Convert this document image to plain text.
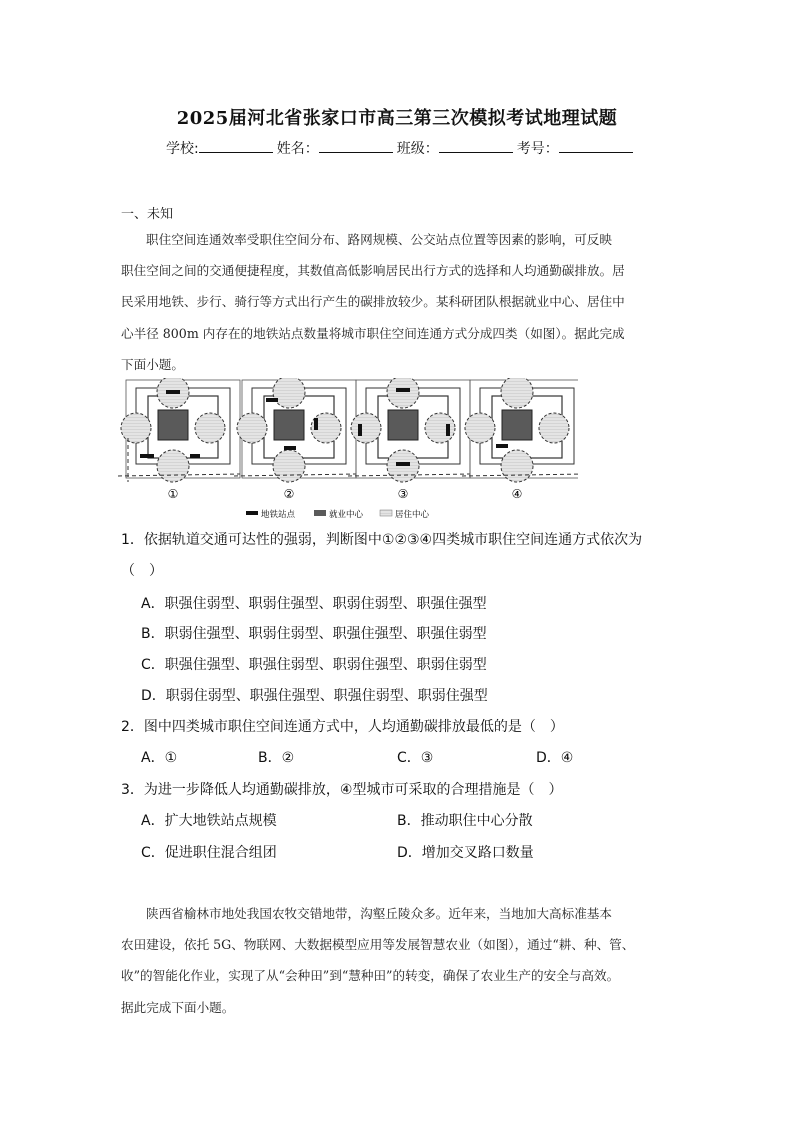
2025届河北省张家口市高三第三次模拟考试地理试题
学校:	姓名：	班级：	考号：
一、未知

职住空间连通效率受职住空间分布、路网规模、公交站点位置等因素的影响，可反映

职住空间之间的交通便捷程度，其数值高低影响居民出行方式的选择和人均通勤碳排放。居

民采用地铁、步行、骑行等方式出行产生的碳排放较少。某科研团队根据就业中心、居住中

心半径 800m 内存在的地铁站点数量将城市职住空间连通方式分成四类（如图）。据此完成

下面小题。

①	②	③	④
地铁站点	就业中心	居住中心
1．依据轨道交通可达性的强弱，判断图中①②③④四类城市职住空间连通方式依次为
（　）
A．职强住弱型、职弱住强型、职弱住弱型、职强住强型
B．职弱住强型、职弱住弱型、职强住强型、职强住弱型
C．职强住强型、职强住弱型、职弱住强型、职弱住弱型
D．职弱住弱型、职强住强型、职强住弱型、职弱住强型
2．图中四类城市职住空间连通方式中，人均通勤碳排放最低的是（　）
A．①	B．②	C．③	D．④
3．为进一步降低人均通勤碳排放，④型城市可采取的合理措施是（　）
A．扩大地铁站点规模	B．推动职住中心分散
C．促进职住混合组团	D．增加交叉路口数量

陕西省榆林市地处我国农牧交错地带，沟壑丘陵众多。近年来，当地加大高标准基本

农田建设，依托 5G、物联网、大数据模型应用等发展智慧农业（如图），通过“耕、种、管、

收”的智能化作业，实现了从“会种田”到“慧种田”的转变，确保了农业生产的安全与高效。

据此完成下面小题。
